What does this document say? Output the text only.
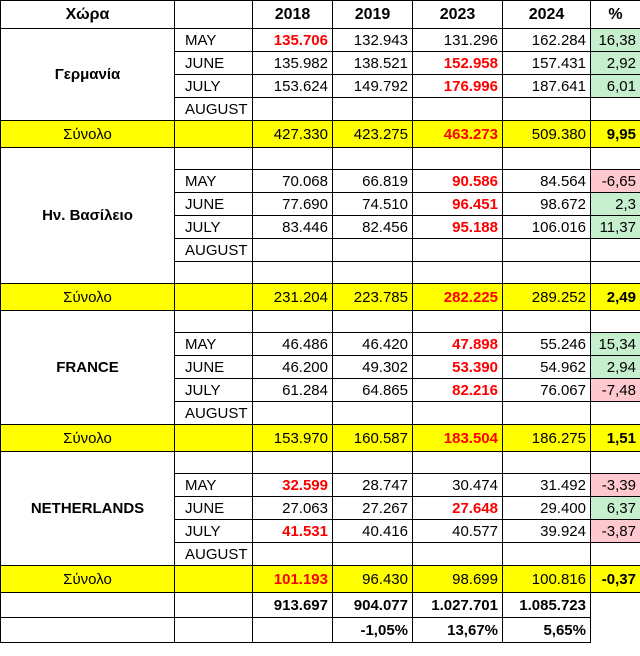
Χώρα		2018	2019	2023	2024	%
Γερμανία	MAY	135.706	132.943	131.296	162.284	16,38
	JUNE	135.982	138.521	152.958	157.431	2,92
	JULY	153.624	149.792	176.996	187.641	6,01
	AUGUST					
Σύνολο		427.330	423.275	463.273	509.380	9,95
Ην. Βασίλειο						
	MAY	70.068	66.819	90.586	84.564	-6,65
	JUNE	77.690	74.510	96.451	98.672	2,3
	JULY	83.446	82.456	95.188	106.016	11,37
	AUGUST					

Σύνολο		231.204	223.785	282.225	289.252	2,49
FRANCE						
	MAY	46.486	46.420	47.898	55.246	15,34
	JUNE	46.200	49.302	53.390	54.962	2,94
	JULY	61.284	64.865	82.216	76.067	-7,48
	AUGUST					
Σύνολο		153.970	160.587	183.504	186.275	1,51
NETHERLANDS						
	MAY	32.599	28.747	30.474	31.492	-3,39
	JUNE	27.063	27.267	27.648	29.400	6,37
	JULY	41.531	40.416	40.577	39.924	-3,87
	AUGUST					
Σύνολο		101.193	96.430	98.699	100.816	-0,37
		913.697	904.077	1.027.701	1.085.723	
			-1,05%	13,67%	5,65%	
